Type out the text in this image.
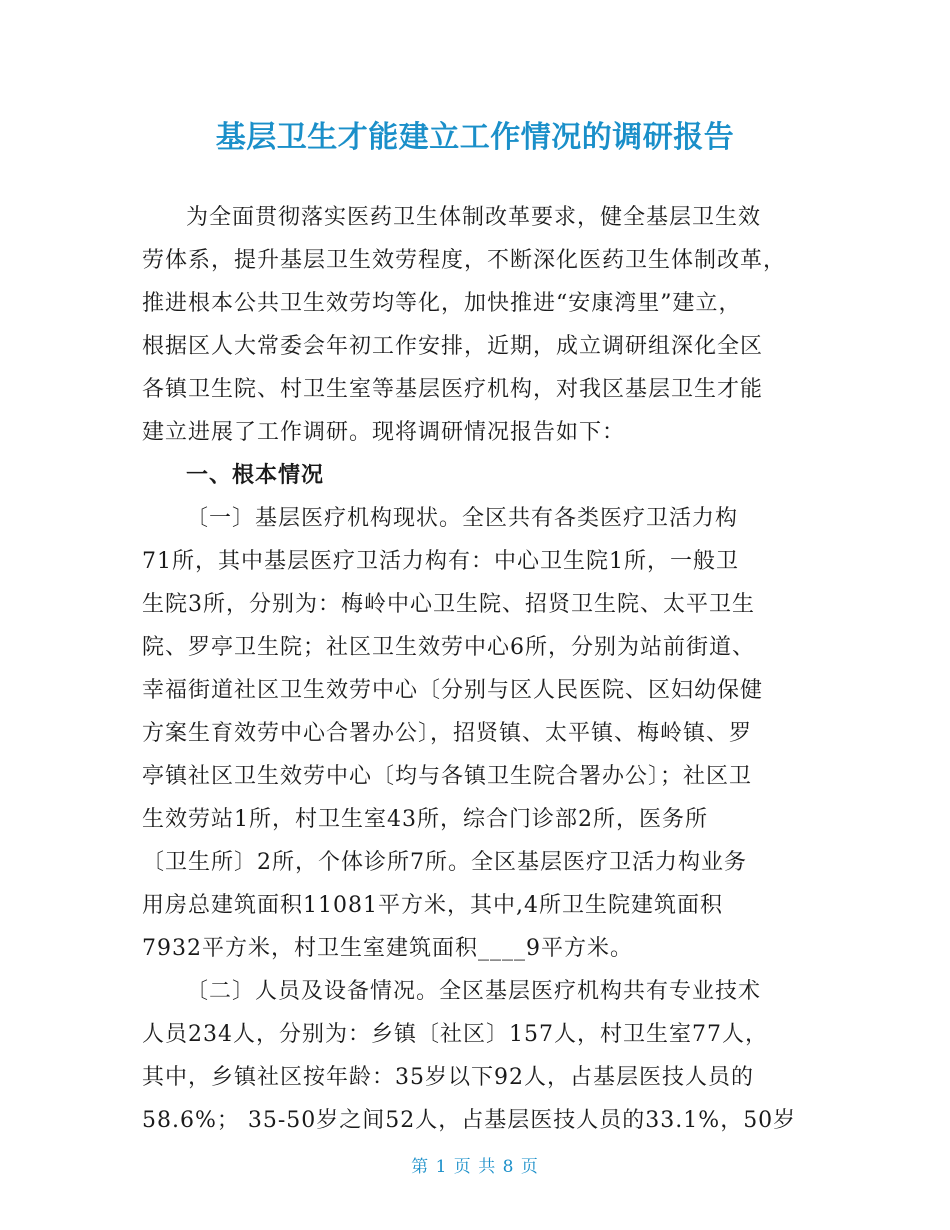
基层卫生才能建立工作情况的调研报告
为全面贯彻落实医药卫生体制改革要求，健全基层卫生效
劳体系，提升基层卫生效劳程度，不断深化医药卫生体制改革，
推进根本公共卫生效劳均等化，加快推进“安康湾里”建立，
根据区人大常委会年初工作安排，近期，成立调研组深化全区
各镇卫生院、村卫生室等基层医疗机构，对我区基层卫生才能
建立进展了工作调研。现将调研情况报告如下：
一、根本情况
〔一〕基层医疗机构现状。全区共有各类医疗卫活力构
71所，其中基层医疗卫活力构有：中心卫生院1所，一般卫
生院3所，分别为：梅岭中心卫生院、招贤卫生院、太平卫生
院、罗亭卫生院；社区卫生效劳中心6所，分别为站前街道、
幸福街道社区卫生效劳中心〔分别与区人民医院、区妇幼保健
方案生育效劳中心合署办公〕，招贤镇、太平镇、梅岭镇、罗
亭镇社区卫生效劳中心〔均与各镇卫生院合署办公〕；社区卫
生效劳站1所，村卫生室43所，综合门诊部2所，医务所
〔卫生所〕2所，个体诊所7所。全区基层医疗卫活力构业务
用房总建筑面积11081平方米，其中,4所卫生院建筑面积
7932平方米，村卫生室建筑面积____9平方米。
〔二〕人员及设备情况。全区基层医疗机构共有专业技术
人员234人，分别为：乡镇〔社区〕157人，村卫生室77人，
其中，乡镇社区按年龄：35岁以下92人，占基层医技人员的
58.6%； 35-50岁之间52人，占基层医技人员的33.1%，50岁
第 1 页 共 8 页
